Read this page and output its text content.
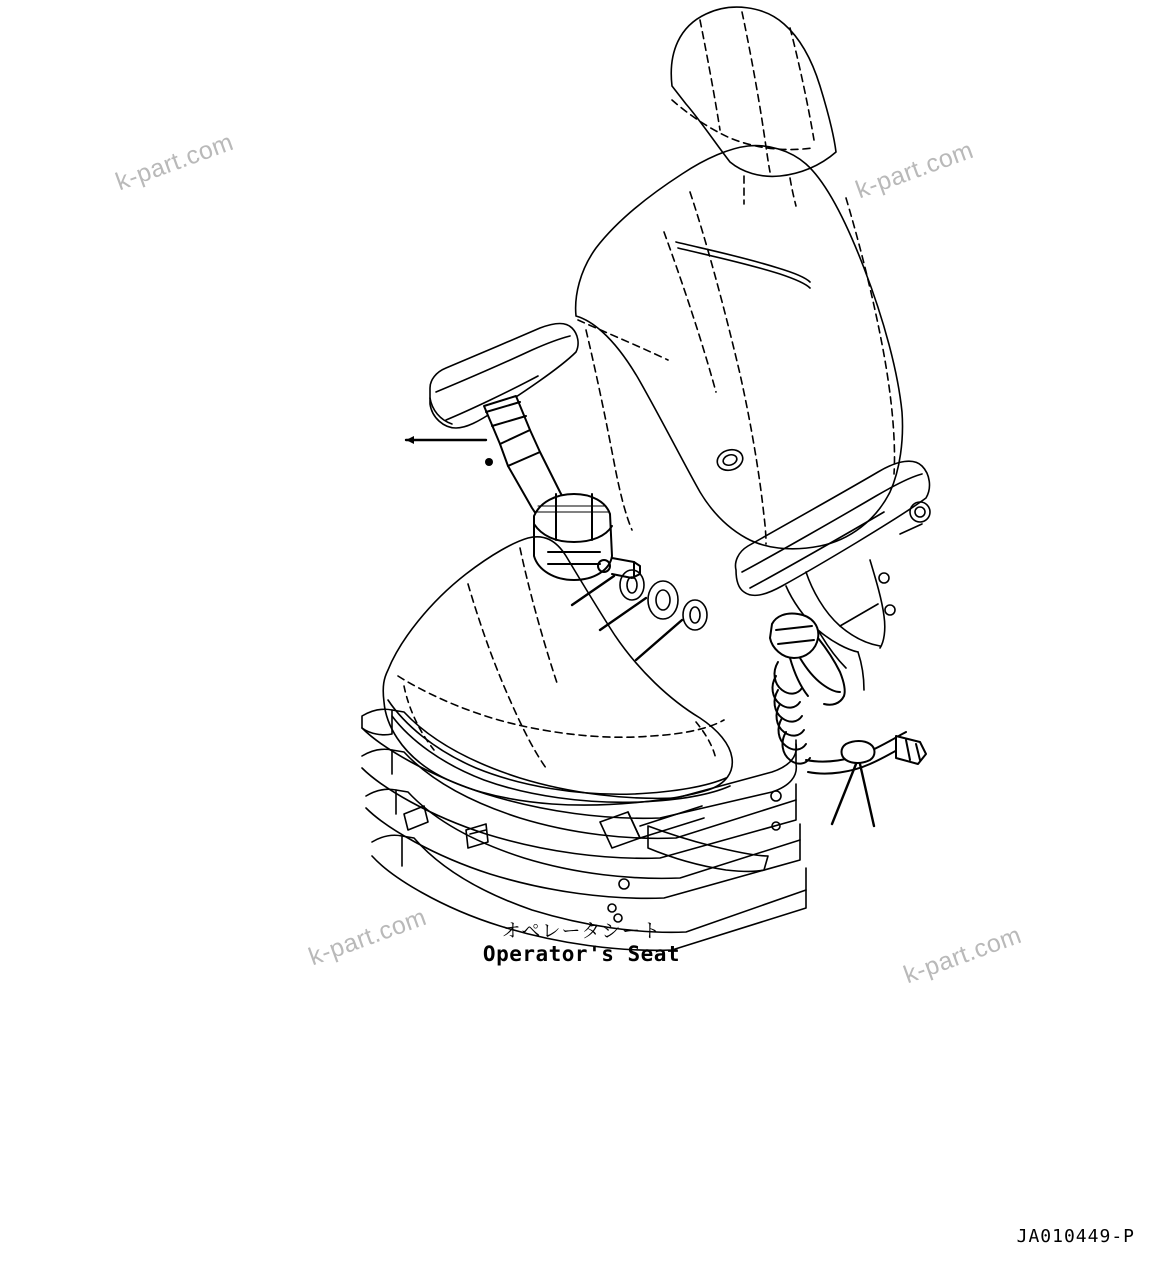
k-part.com	k-part.com
k-part.com	k-part.com
オペレータシート
Operator's Seat
JA010449-P
